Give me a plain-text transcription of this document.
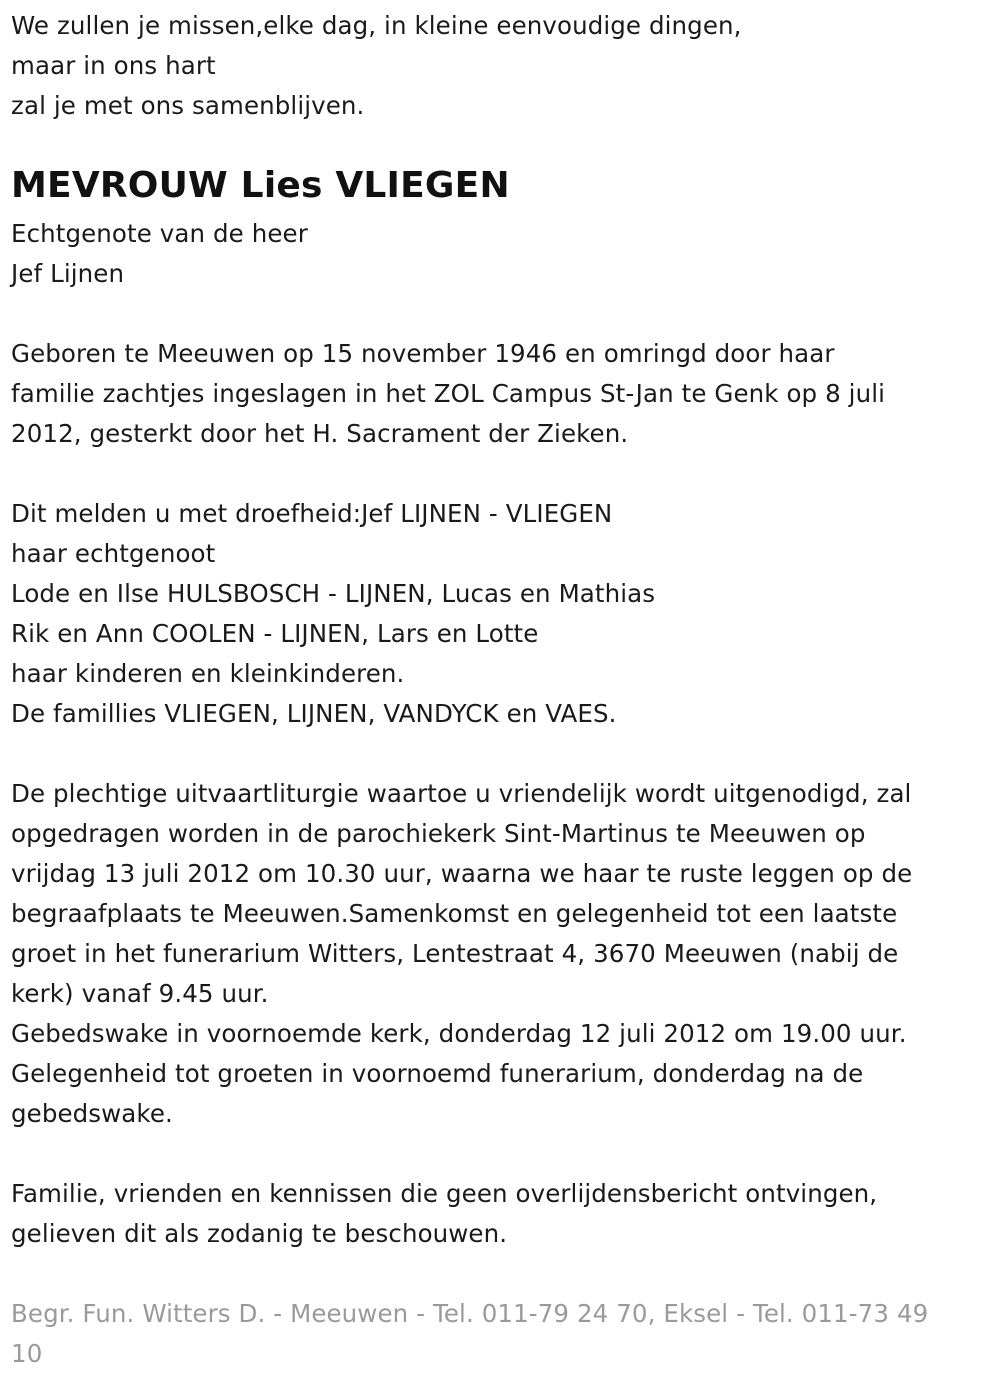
We zullen je missen,elke dag, in kleine eenvoudige dingen,
maar in ons hart
zal je met ons samenblijven.
MEVROUW Lies VLIEGEN
Echtgenote van de heer
Jef Lijnen
Geboren te Meeuwen op 15 november 1946 en omringd door haar
familie zachtjes ingeslagen in het ZOL Campus St-Jan te Genk op 8 juli
2012, gesterkt door het H. Sacrament der Zieken.
Dit melden u met droefheid:Jef LIJNEN - VLIEGEN
haar echtgenoot
Lode en Ilse HULSBOSCH - LIJNEN, Lucas en Mathias
Rik en Ann COOLEN - LIJNEN, Lars en Lotte
haar kinderen en kleinkinderen.
De famillies VLIEGEN, LIJNEN, VANDYCK en VAES.
De plechtige uitvaartliturgie waartoe u vriendelijk wordt uitgenodigd, zal
opgedragen worden in de parochiekerk Sint-Martinus te Meeuwen op
vrijdag 13 juli 2012 om 10.30 uur, waarna we haar te ruste leggen op de
begraafplaats te Meeuwen.Samenkomst en gelegenheid tot een laatste
groet in het funerarium Witters, Lentestraat 4, 3670 Meeuwen (nabij de
kerk) vanaf 9.45 uur.
Gebedswake in voornoemde kerk, donderdag 12 juli 2012 om 19.00 uur.
Gelegenheid tot groeten in voornoemd funerarium, donderdag na de
gebedswake.
Familie, vrienden en kennissen die geen overlijdensbericht ontvingen,
gelieven dit als zodanig te beschouwen.
Begr. Fun. Witters D. - Meeuwen - Tel. 011-79 24 70, Eksel - Tel. 011-73 49
10
